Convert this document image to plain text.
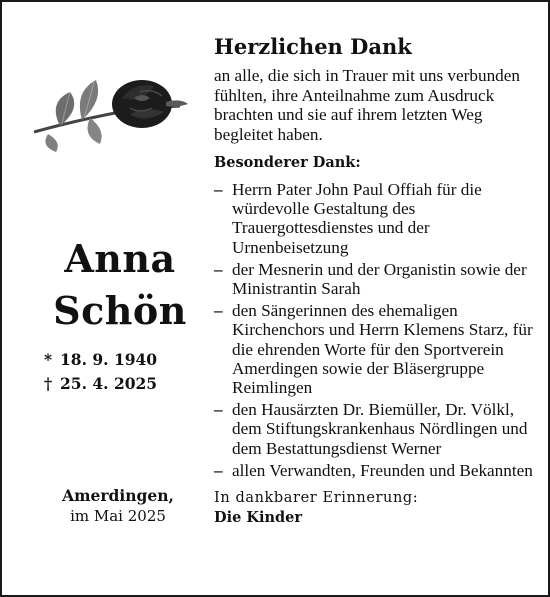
Anna
Schön
* 18. 9. 1940
† 25. 4. 2025
Amerdingen,
im Mai 2025
Herzlichen Dank
an alle, die sich in Trauer mit uns verbunden fühlten, ihre Anteilnahme zum Ausdruck brachten und sie auf ihrem letzten Weg begleitet haben.
Besonderer Dank:
– Herrn Pater John Paul Offiah für die würdevolle Gestaltung des Trauergottesdienstes und der Urnenbeisetzung
– der Mesnerin und der Organistin sowie der Ministrantin Sarah
– den Sängerinnen des ehemaligen Kirchenchors und Herrn Klemens Starz, für die ehrenden Worte für den Sportverein Amerdingen sowie der Bläsergruppe Reimlingen
– den Hausärzten Dr. Biemüller, Dr. Völkl, dem Stiftungskrankenhaus Nördlingen und dem Bestattungsdienst Werner
– allen Verwandten, Freunden und Bekannten
In dankbarer Erinnerung:
Die Kinder
